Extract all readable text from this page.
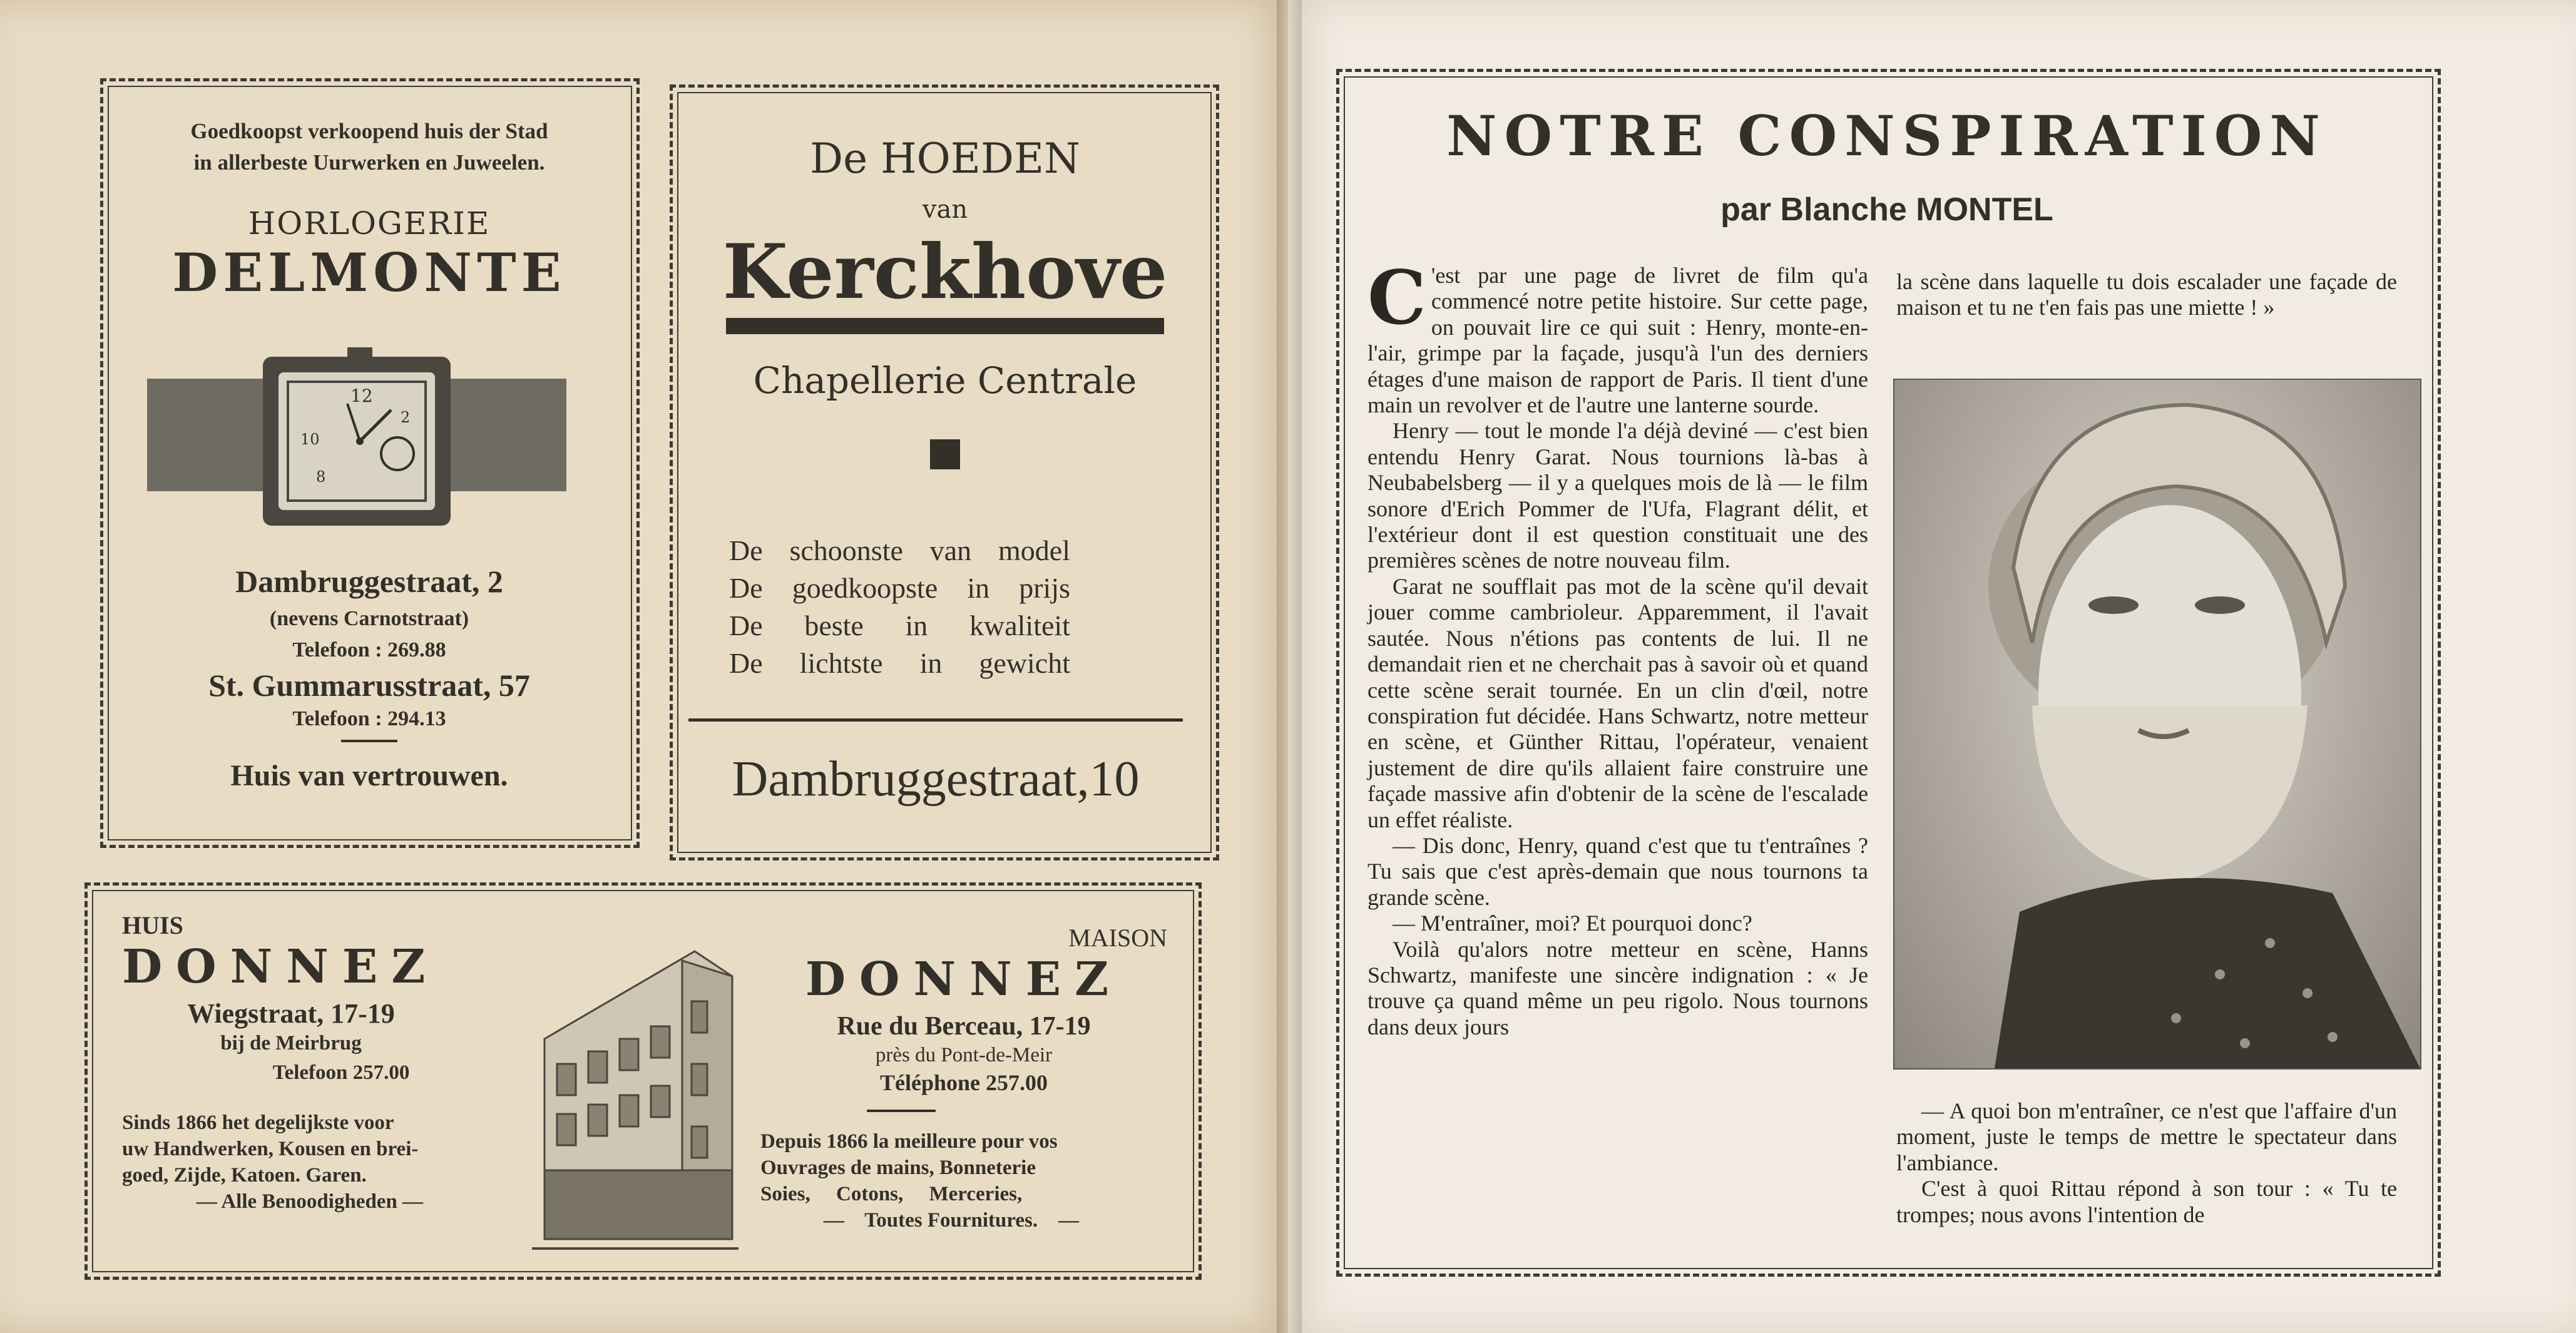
Goedkoopst verkoopend huis der Stad
in allerbeste Uurwerken en Juweelen.
HORLOGERIE
DELMONTE
12
2
10
8
Dambruggestraat, 2
(nevens Carnotstraat)
Telefoon : 269.88
St. Gummarusstraat, 57
Telefoon : 294.13
Huis van vertrouwen.
De HOEDEN
van
Kerckhove
Chapellerie Centrale
De schoonste van model
De goedkoopste in prijs
De beste in kwaliteit
De lichtste in gewicht
Dambruggestraat,10
HUIS
DONNEZ
Wiegstraat, 17-19
bij de Meirbrug
Telefoon 257.00
Sinds 1866 het degelijkste voor
uw Handwerken, Kousen en brei-
goed, Zijde, Katoen. Garen.
— Alle Benoodigheden —
MAISON
DONNEZ
Rue du Berceau, 17-19
près du Pont-de-Meir
Téléphone 257.00
Depuis 1866 la meilleure pour vos
Ouvrages de mains, Bonneterie
Soies,     Cotons,     Merceries,
—    Toutes Fournitures.    —
NOTRE CONSPIRATION
par Blanche MONTEL

C 'est par une page de livret de film qu'a commencé notre petite histoire. Sur cette page, on pouvait lire ce qui suit : Henry, monte-en-l'air, grimpe par la façade, jusqu'à l'un des derniers étages d'une maison de rapport de Paris. Il tient d'une main un revolver et de l'autre une lanterne sourde.

Henry — tout le monde l'a déjà deviné — c'est bien entendu Henry Garat. Nous tournions là-bas à Neubabelsberg — il y a quelques mois de là — le film sonore d'Erich Pommer de l'Ufa, Flagrant délit, et l'extérieur dont il est question constituait une des premières scènes de notre nouveau film.

Garat ne soufflait pas mot de la scène qu'il devait jouer comme cambrioleur. Apparemment, il l'avait sautée. Nous n'étions pas contents de lui. Il ne demandait rien et ne cherchait pas à savoir où et quand cette scène serait tournée. En un clin d'œil, notre conspiration fut décidée. Hans Schwartz, notre metteur en scène, et Günther Rittau, l'opérateur, venaient justement de dire qu'ils allaient faire construire une façade massive afin d'obtenir de la scène de l'escalade un effet réaliste.

— Dis donc, Henry, quand c'est que tu t'entraînes ? Tu sais que c'est après-demain que nous tournons ta grande scène.

— M'entraîner, moi? Et pourquoi donc?

Voilà qu'alors notre metteur en scène, Hanns Schwartz, manifeste une sincère indignation : « Je trouve ça quand même un peu rigolo. Nous tournons dans deux jours

la scène dans laquelle tu dois escalader une façade de maison et tu ne t'en fais pas une miette ! »

— A quoi bon m'entraîner, ce n'est que l'affaire d'un moment, juste le temps de mettre le spectateur dans l'ambiance.

C'est à quoi Rittau répond à son tour : « Tu te trompes; nous avons l'intention de
